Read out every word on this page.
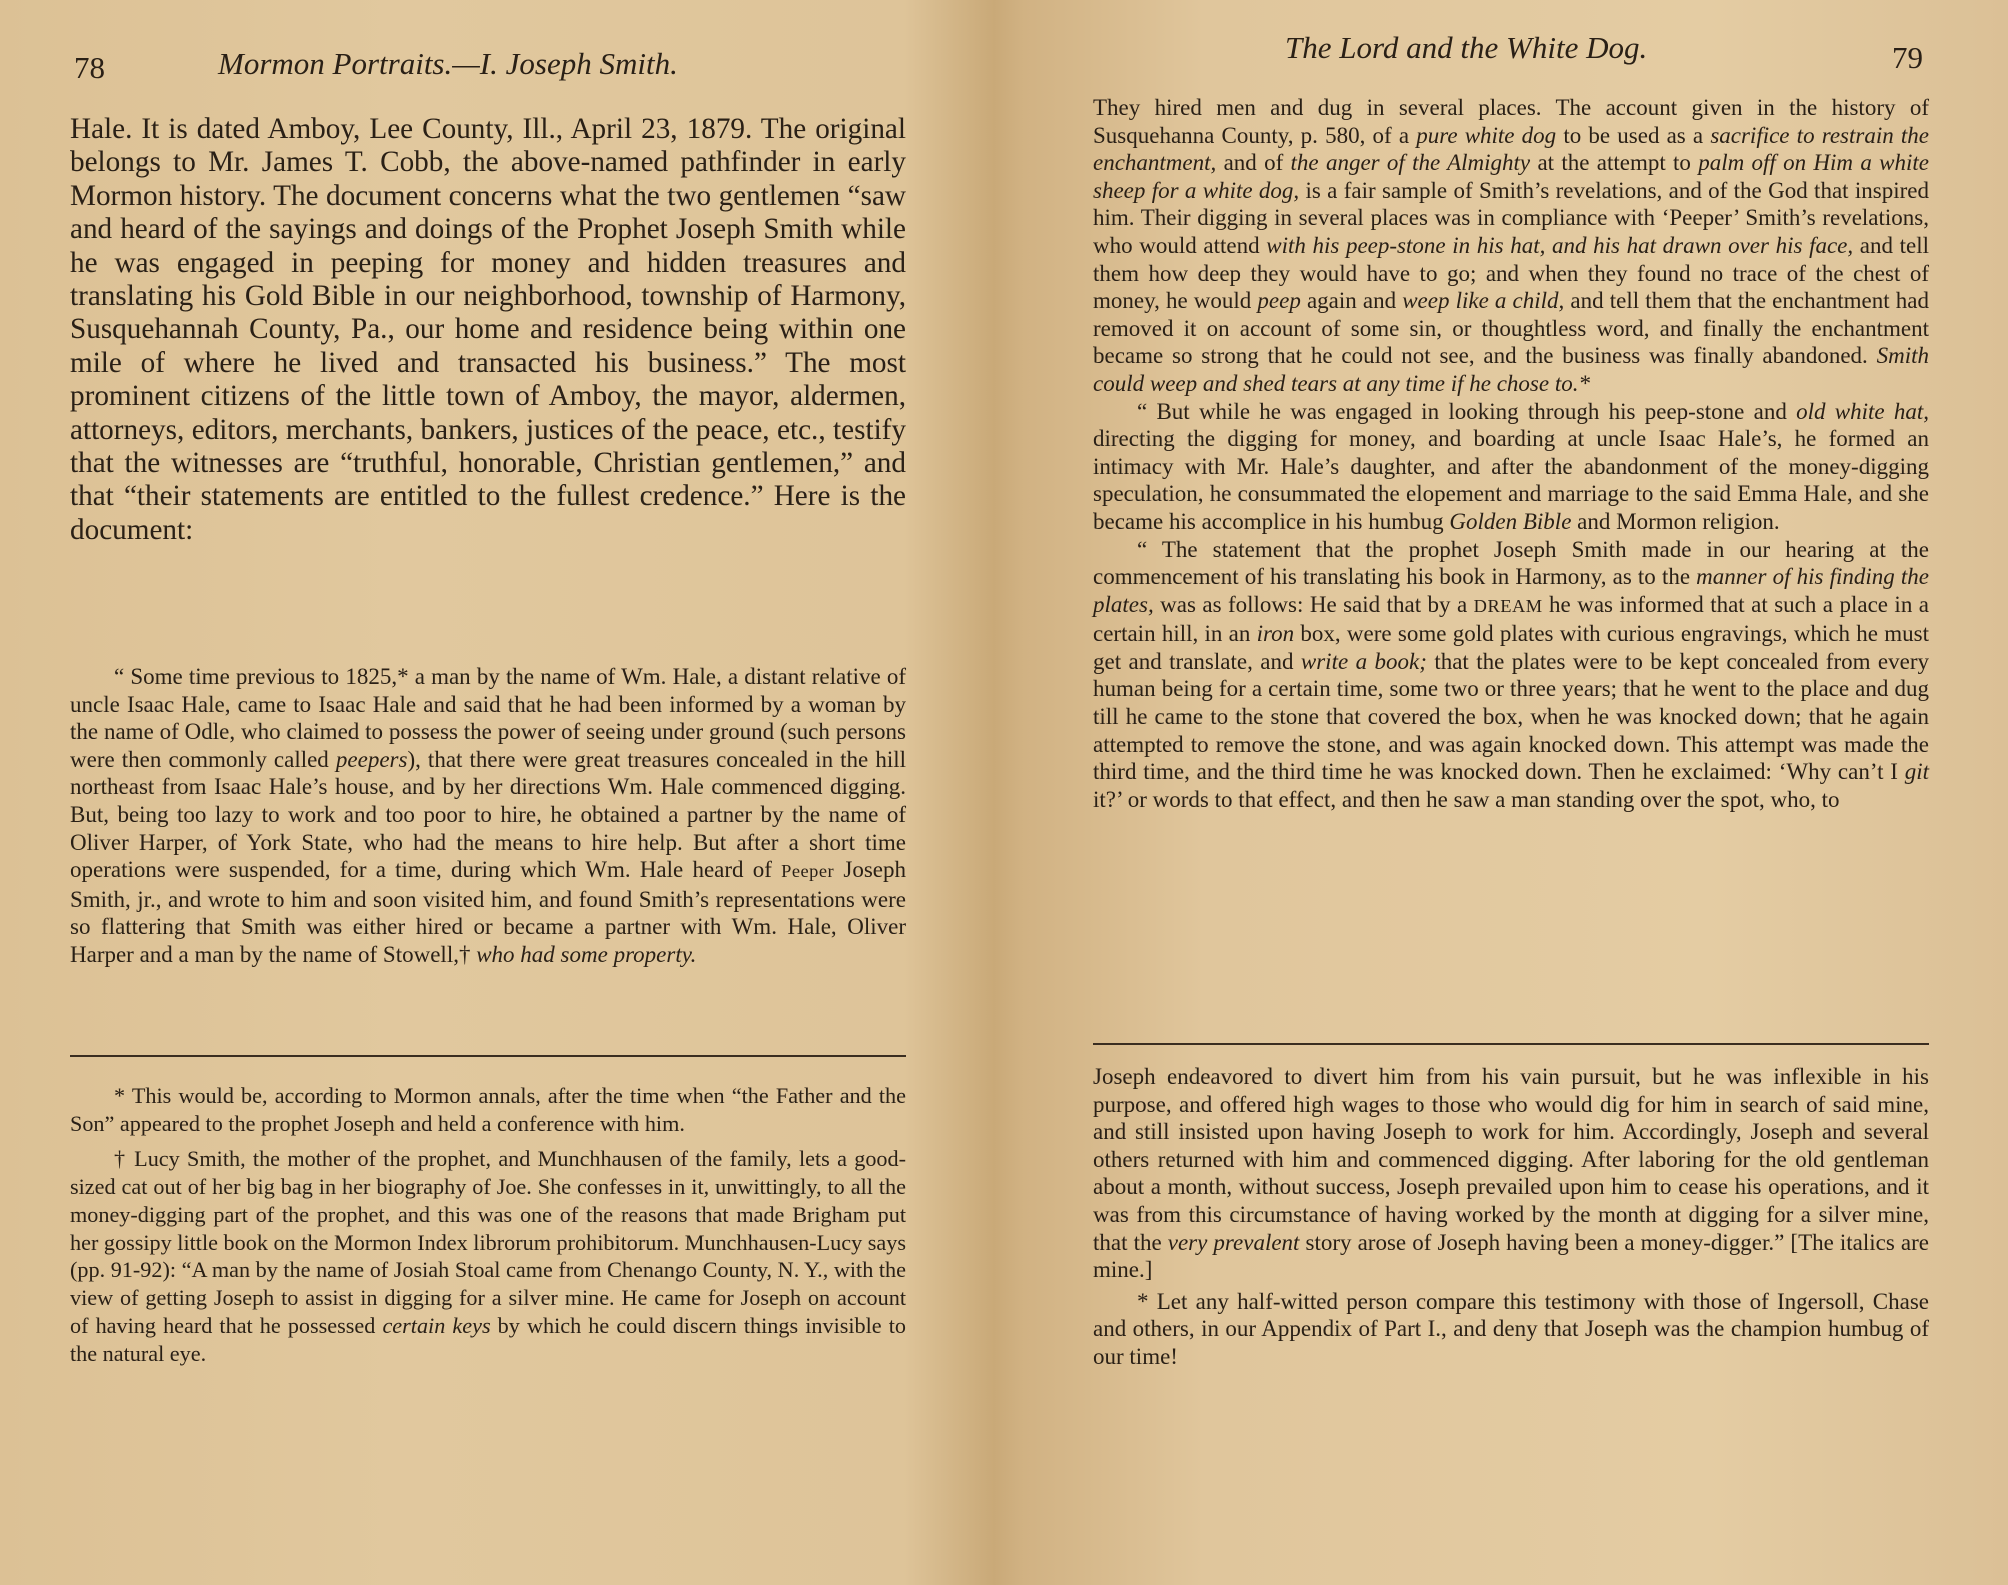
78	Mormon Portraits.—I. Joseph Smith.

Hale. It is dated Amboy, Lee County, Ill., April 23, 1879. The original belongs to Mr. James T. Cobb, the above-named pathfinder in early Mormon history. The document concerns what the two gentlemen “saw and heard of the sayings and doings of the Prophet Joseph Smith while he was engaged in peeping for money and hidden treasures and translating his Gold Bible in our neighborhood, township of Harmony, Susquehannah County, Pa., our home and residence being within one mile of where he lived and transacted his business.” The most prominent citizens of the little town of Amboy, the mayor, aldermen, attorneys, editors, merchants, bankers, justices of the peace, etc., testify that the witnesses are “truthful, honorable, Christian gentlemen,” and that “their statements are entitled to the fullest credence.” Here is the document:

“ Some time previous to 1825,* a man by the name of Wm. Hale, a distant relative of uncle Isaac Hale, came to Isaac Hale and said that he had been informed by a woman by the name of Odle, who claimed to possess the power of seeing under ground (such persons were then commonly called peepers), that there were great treasures concealed in the hill northeast from Isaac Hale’s house, and by her directions Wm. Hale commenced digging. But, being too lazy to work and too poor to hire, he obtained a partner by the name of Oliver Harper, of York State, who had the means to hire help. But after a short time operations were suspended, for a time, during which Wm. Hale heard of Peeper Joseph Smith, jr., and wrote to him and soon visited him, and found Smith’s representations were so flattering that Smith was either hired or became a partner with Wm. Hale, Oliver Harper and a man by the name of Stowell,† who had some property.

* This would be, according to Mormon annals, after the time when “the Father and the Son” appeared to the prophet Joseph and held a conference with him.

† Lucy Smith, the mother of the prophet, and Munchhausen of the family, lets a good-sized cat out of her big bag in her biography of Joe. She confesses in it, unwittingly, to all the money-digging part of the prophet, and this was one of the reasons that made Brigham put her gossipy little book on the Mormon Index librorum prohibitorum. Munchhausen-Lucy says (pp. 91-92): “A man by the name of Josiah Stoal came from Chenango County, N. Y., with the view of getting Joseph to assist in digging for a silver mine. He came for Joseph on account of having heard that he possessed certain keys by which he could discern things invisible to the natural eye.

The Lord and the White Dog.	79

They hired men and dug in several places. The account given in the history of Susquehanna County, p. 580, of a pure white dog to be used as a sacrifice to restrain the enchantment, and of the anger of the Almighty at the attempt to palm off on Him a white sheep for a white dog, is a fair sample of Smith’s revelations, and of the God that inspired him. Their digging in several places was in compliance with ‘Peeper’ Smith’s revelations, who would attend with his peep-stone in his hat, and his hat drawn over his face, and tell them how deep they would have to go; and when they found no trace of the chest of money, he would peep again and weep like a child, and tell them that the enchantment had removed it on account of some sin, or thoughtless word, and finally the enchantment became so strong that he could not see, and the business was finally abandoned. Smith could weep and shed tears at any time if he chose to.*

“ But while he was engaged in looking through his peep-stone and old white hat, directing the digging for money, and boarding at uncle Isaac Hale’s, he formed an intimacy with Mr. Hale’s daughter, and after the abandonment of the money-digging speculation, he consummated the elopement and marriage to the said Emma Hale, and she became his accomplice in his humbug Golden Bible and Mormon religion.

“ The statement that the prophet Joseph Smith made in our hearing at the commencement of his translating his book in Harmony, as to the manner of his finding the plates, was as follows: He said that by a DREAM he was informed that at such a place in a certain hill, in an iron box, were some gold plates with curious engravings, which he must get and translate, and write a book; that the plates were to be kept concealed from every human being for a certain time, some two or three years; that he went to the place and dug till he came to the stone that covered the box, when he was knocked down; that he again attempted to remove the stone, and was again knocked down. This attempt was made the third time, and the third time he was knocked down. Then he exclaimed: ‘Why can’t I git it?’ or words to that effect, and then he saw a man standing over the spot, who, to

Joseph endeavored to divert him from his vain pursuit, but he was inflexible in his purpose, and offered high wages to those who would dig for him in search of said mine, and still insisted upon having Joseph to work for him. Accordingly, Joseph and several others returned with him and commenced digging. After laboring for the old gentleman about a month, without success, Joseph prevailed upon him to cease his operations, and it was from this circumstance of having worked by the month at digging for a silver mine, that the very prevalent story arose of Joseph having been a money-digger.” [The italics are mine.]

* Let any half-witted person compare this testimony with those of Ingersoll, Chase and others, in our Appendix of Part I., and deny that Joseph was the champion humbug of our time!
